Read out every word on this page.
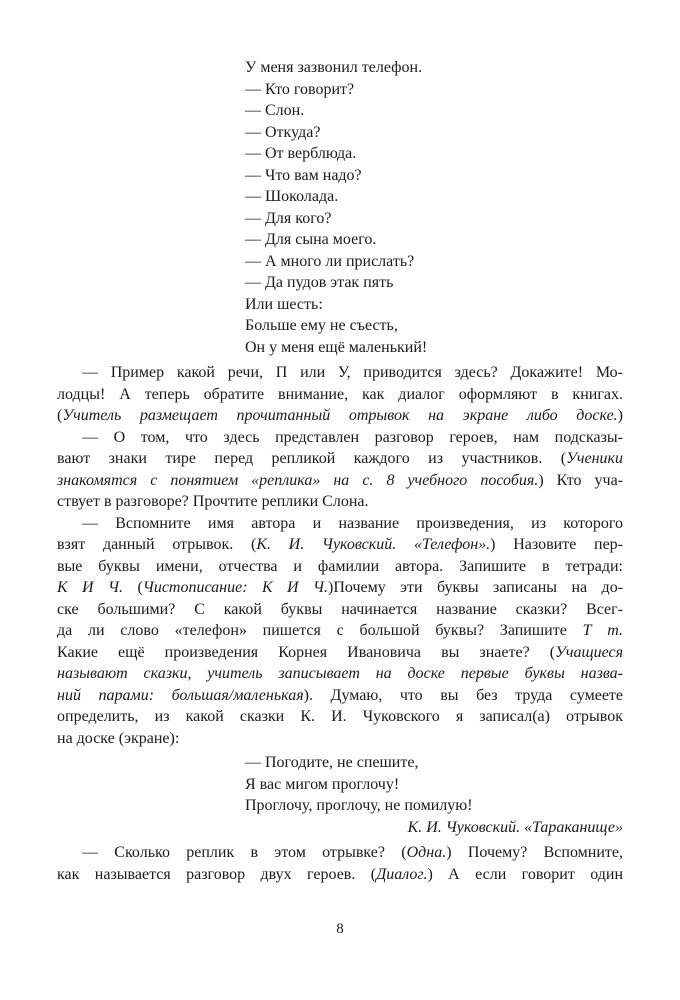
У меня зазвонил телефон.
— Кто говорит?
— Слон.
— Откуда?
— От верблюда.
— Что вам надо?
— Шоколада.
— Для кого?
— Для сына моего.
— А много ли прислать?
— Да пудов этак пять
Или шесть:
Больше ему не съесть,
Он у меня ещё маленький!
— Пример какой речи, П или У, приводится здесь? Докажите! Мо-
лодцы! А теперь обратите внимание, как диалог оформляют в книгах.
(Учитель размещает прочитанный отрывок на экране либо доске.)
— О том, что здесь представлен разговор героев, нам подсказы-
вают знаки тире перед репликой каждого из участников. (Ученики
знакомятся с понятием «реплика» на с. 8 учебного пособия.) Кто уча-
ствует в разговоре? Прочтите реплики Слона.
— Вспомните имя автора и название произведения, из которого
взят данный отрывок. (К. И. Чуковский. «Телефон».) Назовите пер-
вые буквы имени, отчества и фамилии автора. Запишите в тетради:
К И Ч. (Чистописание: К И Ч.)Почему эти буквы записаны на до-
ске большими? С какой буквы начинается название сказки? Всег-
да ли слово «телефон» пишется с большой буквы? Запишите Т т.
Какие ещё произведения Корнея Ивановича вы знаете? (Учащиеся
называют сказки, учитель записывает на доске первые буквы назва-
ний парами: большая/маленькая). Думаю, что вы без труда сумеете
определить, из какой сказки К. И. Чуковского я записал(а) отрывок
на доске (экране):
— Погодите, не спешите,
Я вас мигом проглочу!
Проглочу, проглочу, не помилую!
К. И. Чуковский. «Тараканище»
— Сколько реплик в этом отрывке? (Одна.) Почему? Вспомните,
как называется разговор двух героев. (Диалог.) А если говорит один
8
